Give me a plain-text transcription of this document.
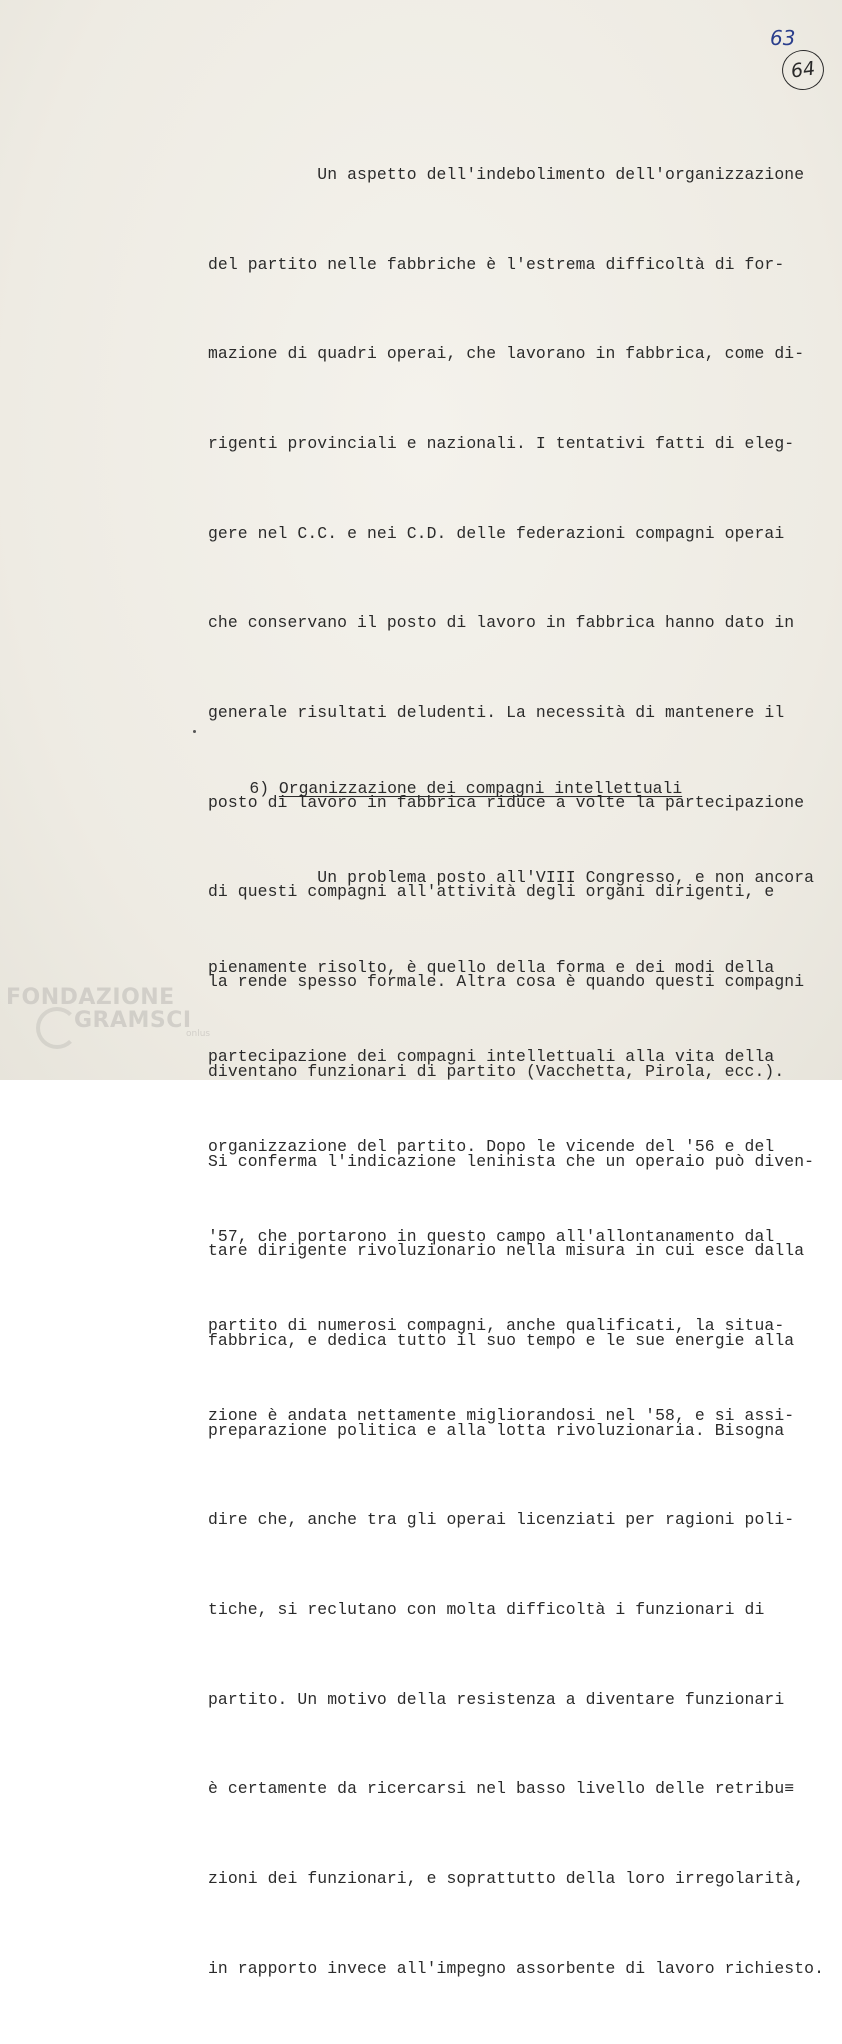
63
64

Un aspetto dell'indebolimento dell'organizzazione

del partito nelle fabbriche è l'estrema difficoltà di for-

mazione di quadri operai, che lavorano in fabbrica, come di-

rigenti provinciali e nazionali. I tentativi fatti di eleg-

gere nel C.C. e nei C.D. delle federazioni compagni operai

che conservano il posto di lavoro in fabbrica hanno dato in

generale risultati deludenti. La necessità di mantenere il

posto di lavoro in fabbrica riduce a volte la partecipazione

di questi compagni all'attività degli organi dirigenti, e

la rende spesso formale. Altra cosa è quando questi compagni

diventano funzionari di partito (Vacchetta, Pirola, ecc.).

Si conferma l'indicazione leninista che un operaio può diven-

tare dirigente rivoluzionario nella misura in cui esce dalla

fabbrica, e dedica tutto il suo tempo e le sue energie alla

preparazione politica e alla lotta rivoluzionaria. Bisogna

dire che, anche tra gli operai licenziati per ragioni poli-

tiche, si reclutano con molta difficoltà i funzionari di

partito. Un motivo della resistenza a diventare funzionari

è certamente da ricercarsi nel basso livello delle retribu≡

zioni dei funzionari, e soprattutto della loro irregolarità,

in rapporto invece all'impegno assorbente di lavoro richiesto.

6) Organizzazione dei compagni intellettuali

Un problema posto all'VIII Congresso, e non ancora

pienamente risolto, è quello della forma e dei modi della

partecipazione dei compagni intellettuali alla vita della

organizzazione del partito. Dopo le vicende del '56 e del

'57, che portarono in questo campo all'allontanamento dal

partito di numerosi compagni, anche qualificati, la situa-

zione è andata nettamente migliorandosi nel '58, e si assi-

FONDAZIONE
GRAMSCI
onlus
